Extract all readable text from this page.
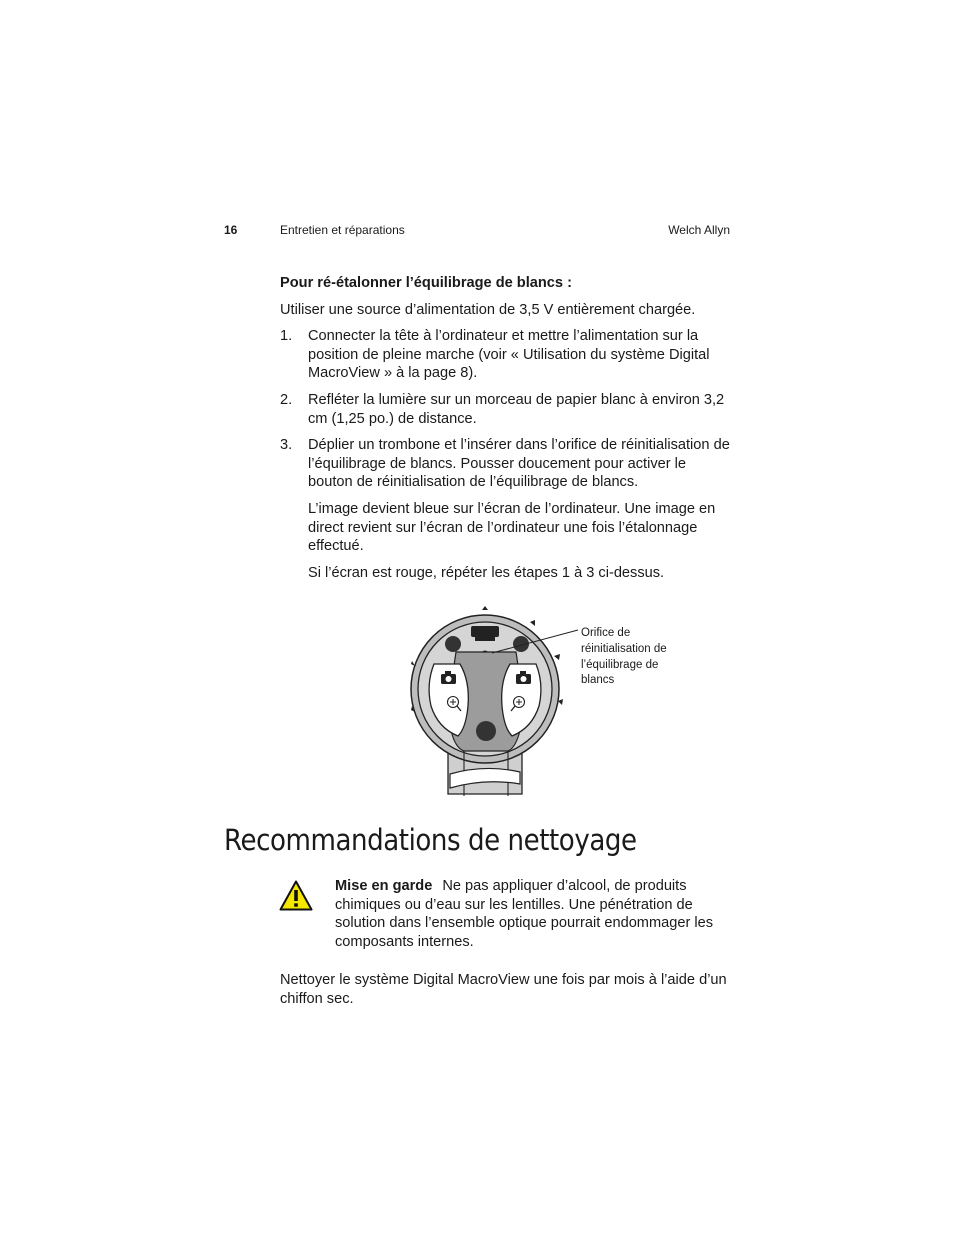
16	Entretien et réparations	Welch Allyn

Pour ré-étalonner l’équilibrage de blancs :

Utiliser une source d’alimentation de 3,5 V entièrement chargée.

1. Connecter la tête à l’ordinateur et mettre l’alimentation sur la position de pleine marche (voir « Utilisation du système Digital MacroView » à la page 8).
2. Refléter la lumière sur un morceau de papier blanc à environ 3,2 cm (1,25 po.) de distance.
3. Déplier un trombone et l’insérer dans l’orifice de réinitialisation de l’équilibrage de blancs. Pousser doucement pour activer le bouton de réinitialisation de l’équilibrage de blancs.

L’image devient bleue sur l’écran de l’ordinateur. Une image en direct revient sur l’écran de l’ordinateur une fois l’étalonnage effectué.

Si l’écran est rouge, répéter les étapes 1 à 3 ci-dessus.

Orifice de
réinitialisation de
l’équilibrage de
blancs
Recommandations de nettoyage
Mise en garde Ne pas appliquer d’alcool, de produits chimiques ou d’eau sur les lentilles. Une pénétration de solution dans l’ensemble optique pourrait endommager les composants internes.

Nettoyer le système Digital MacroView une fois par mois à l’aide d’un chiffon sec.
